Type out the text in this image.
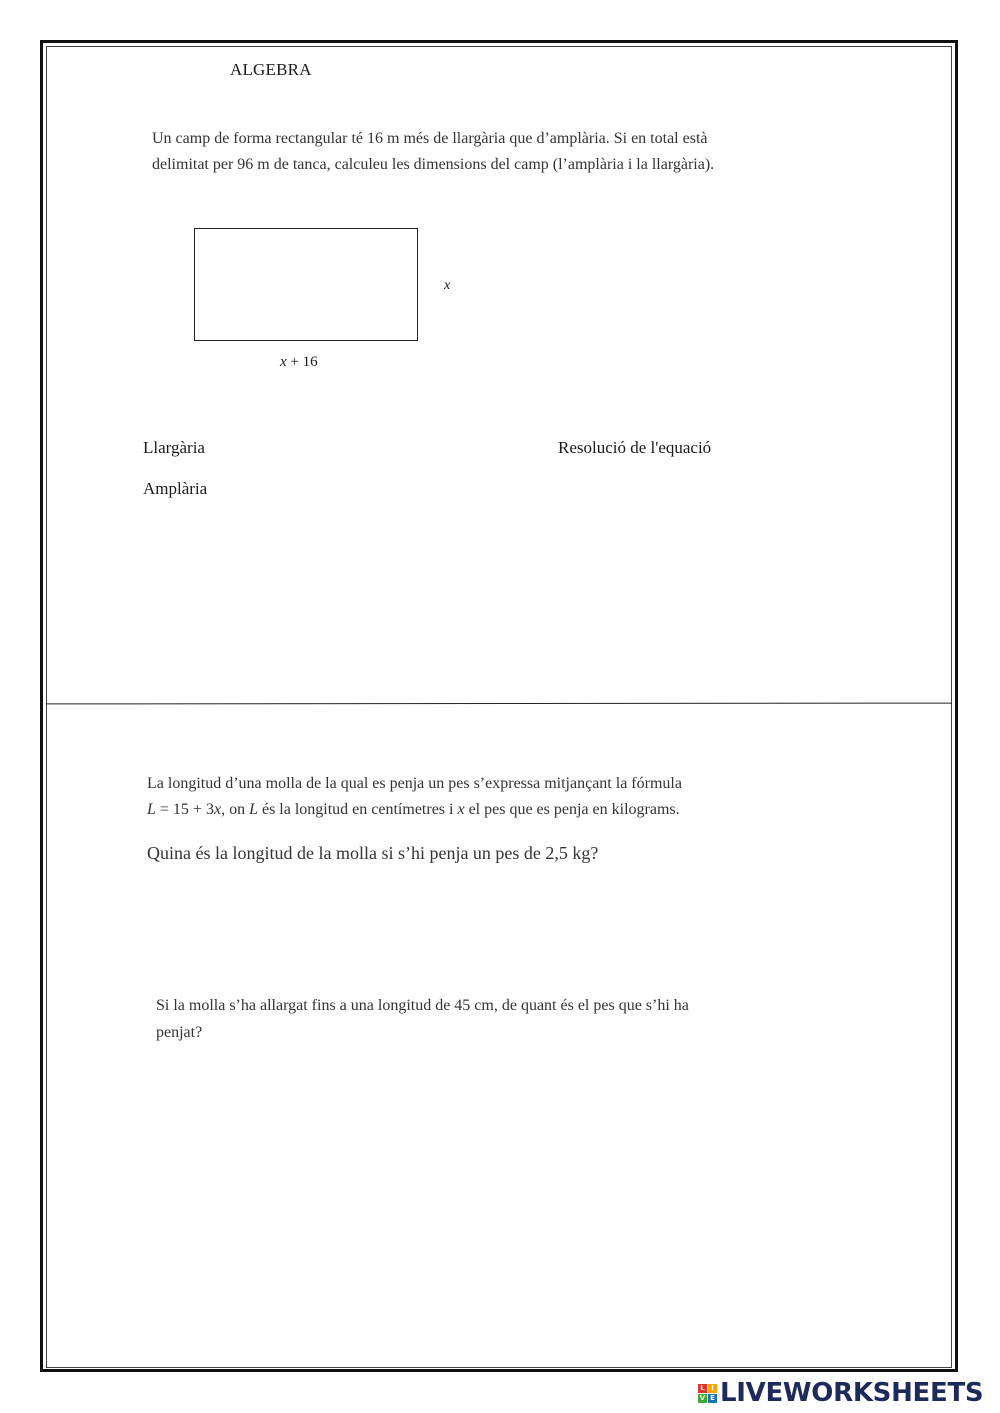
ALGEBRA
Un camp de forma rectangular té 16 m més de llargària que d’amplària. Si en total està
delimitat per 96 m de tanca, calculeu les dimensions del camp (l’amplària i la llargària).
x
x + 16
Llargària
Amplària
Resolució de l'equació
La longitud d’una molla de la qual es penja un pes s’expressa mitjançant la fórmula
L = 15 + 3x, on L és la longitud en centímetres i x el pes que es penja en kilograms.
Quina és la longitud de la molla si s’hi penja un pes de 2,5 kg?
Si la molla s’ha allargat fins a una longitud de 45 cm, de quant és el pes que s’hi ha
penjat?
L I
V E LIVEWORKSHEETS
